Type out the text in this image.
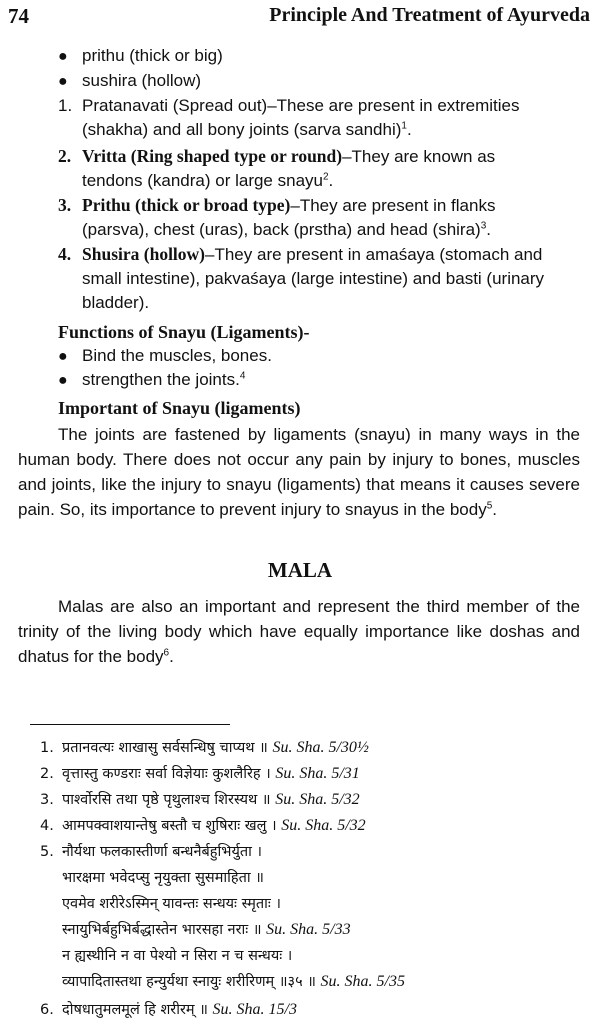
74	Principle And Treatment of Ayurveda
● prithu (thick or big)
● sushira (hollow)
1. Pratanavati (Spread out)–These are present in extremities
(shakha) and all bony joints (sarva sandhi)$^1$.
2. Vritta (Ring shaped type or round)–They are known as
tendons (kandra) or large snayu$^2$.
3. Prithu (thick or broad type)–They are present in flanks
(parsva), chest (uras), back (prstha) and head (shira)$^3$.
4. Shusira (hollow)–They are present in amaśaya (stomach and
small intestine), pakvaśaya (large intestine) and basti (urinary
bladder).
Functions of Snayu (Ligaments)-
● Bind the muscles, bones.
● strengthen the joints.$^4$
Important of Snayu (ligaments)
The joints are fastened by ligaments (snayu) in many ways in the human body. There does not occur any pain by injury to bones, muscles and joints, like the injury to snayu (ligaments) that means it causes severe pain. So, its importance to prevent injury to snayus in the body$^5$.
MALA
Malas are also an important and represent the third member of the trinity of the living body which have equally importance like doshas and dhatus for the body$^6$.
1. प्रतानवत्यः शाखासु सर्वसन्धिषु चाप्यथ ॥ Su. Sha. 5/30½
2. वृत्तास्तु कण्डराः सर्वा विज्ञेयाः कुशलैरिह । Su. Sha. 5/31
3. पार्श्वोरसि तथा पृष्ठे पृथुलाश्च शिरस्यथ ॥ Su. Sha. 5/32
4. आमपक्वाशयान्तेषु बस्तौ च शुषिराः खलु । Su. Sha. 5/32
5. नौर्यथा फलकास्तीर्णा बन्धनैर्बहुभिर्युता ।
भारक्षमा भवेदप्सु नृयुक्ता सुसमाहिता ॥
एवमेव शरीरेऽस्मिन् यावन्तः सन्धयः स्मृताः ।
स्नायुभिर्बहुभिर्बद्धास्तेन भारसहा नराः ॥ Su. Sha. 5/33
न ह्यस्थीनि न वा पेश्यो न सिरा न च सन्धयः ।
व्यापादितास्तथा हन्युर्यथा स्नायुः शरीरिणम् ॥३५ ॥ Su. Sha. 5/35
6. दोषधातुमलमूलं हि शरीरम् ॥ Su. Sha. 15/3
